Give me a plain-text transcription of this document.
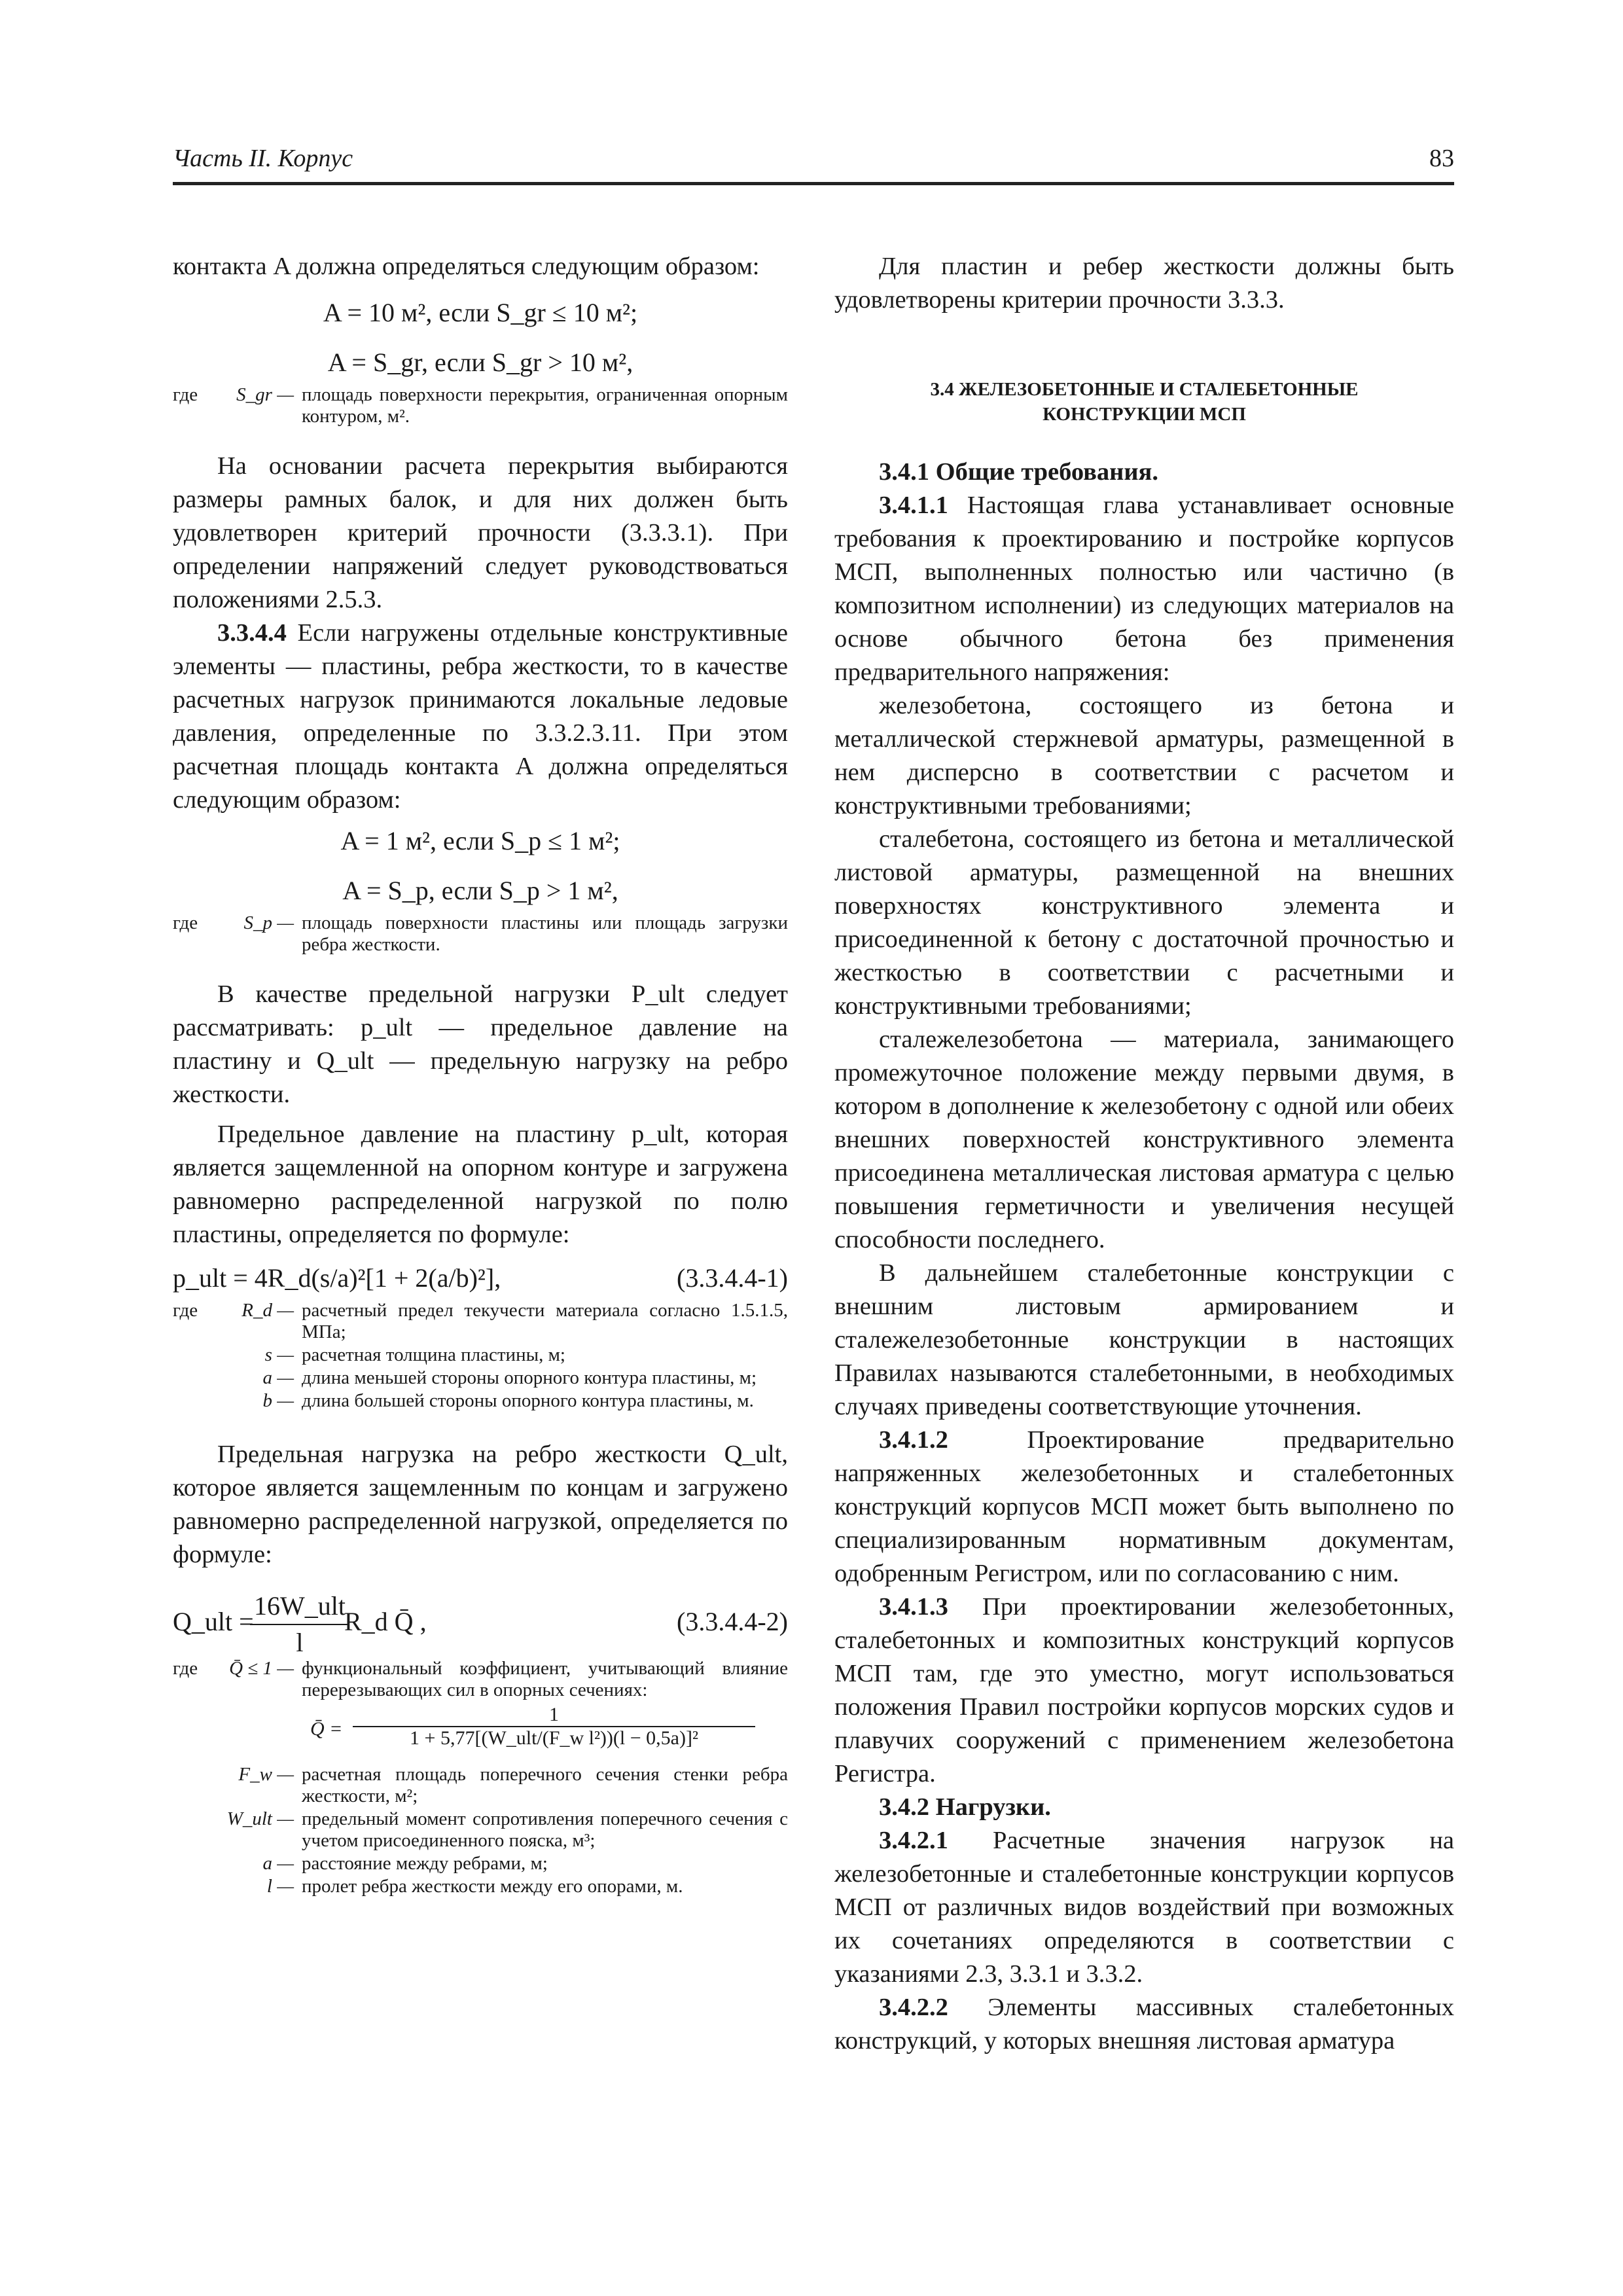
Часть II. Корпус	83

контакта A должна определяться следующим образом:

A = 10 м², если S_gr ≤ 10 м²;

A = S_gr, если S_gr > 10 м²,

где	S_gr — площадь поверхности перекрытия, ограниченная опорным контуром, м².

На основании расчета перекрытия выбираются размеры рамных балок, и для них должен быть удовлетворен критерий прочности (3.3.3.1). При определении напряжений следует руководствоваться положениями 2.5.3.

3.3.4.4 Если нагружены отдельные конструктивные элементы — пластины, ребра жесткости, то в качестве расчетных нагрузок принимаются локальные ледовые давления, определенные по 3.3.2.3.11. При этом расчетная площадь контакта A должна определяться следующим образом:

A = 1 м², если S_p ≤ 1 м²;

A = S_p, если S_p > 1 м²,

где	S_p — площадь поверхности пластины или площадь загрузки ребра жесткости.

В качестве предельной нагрузки P_ult следует рассматривать: p_ult — предельное давление на пластину и Q_ult — предельную нагрузку на ребро жесткости.

Предельное давление на пластину p_ult, которая является защемленной на опорном контуре и загружена равномерно распределенной нагрузкой по полю пластины, определяется по формуле:

p_ult = 4R_d(s/a)²[1 + 2(a/b)²],	(3.3.4.4-1)

где	R_d — расчетный предел текучести материала согласно 1.5.1.5, МПа;
s — расчетная толщина пластины, м;
a — длина меньшей стороны опорного контура пластины, м;
b — длина большей стороны опорного контура пластины, м.

Предельная нагрузка на ребро жесткости Q_ult, которое является защемленным по концам и загружено равномерно распределенной нагрузкой, определяется по формуле:

Q_ult =
16W_ult
l
R_d Q̄ ,	(3.3.4.4-2)
где	Q̄ ≤ 1 — функциональный коэффициент, учитывающий влияние перерезывающих сил в опорных сечениях:
Q̄ =
1
1 + 5,77[(W_ult/(F_w l²))(l − 0,5a)]²
F_w — расчетная площадь поперечного сечения стенки ребра жесткости, м²;
W_ult — предельный момент сопротивления поперечного сечения с учетом присоединенного пояска, м³;
a — расстояние между ребрами, м;
l — пролет ребра жесткости между его опорами, м.

Для пластин и ребер жесткости должны быть удовлетворены критерии прочности 3.3.3.

3.4 ЖЕЛЕЗОБЕТОННЫЕ И СТАЛЕБЕТОННЫЕ КОНСТРУКЦИИ МСП

3.4.1 Общие требования.

3.4.1.1 Настоящая глава устанавливает основные требования к проектированию и постройке корпусов МСП, выполненных полностью или частично (в композитном исполнении) из следующих материалов на основе обычного бетона без применения предварительного напряжения:

железобетона, состоящего из бетона и металлической стержневой арматуры, размещенной в нем дисперсно в соответствии с расчетом и конструктивными требованиями;

сталебетона, состоящего из бетона и металлической листовой арматуры, размещенной на внешних поверхностях конструктивного элемента и присоединенной к бетону с достаточной прочностью и жесткостью в соответствии с расчетными и конструктивными требованиями;

сталежелезобетона — материала, занимающего промежуточное положение между первыми двумя, в котором в дополнение к железобетону с одной или обеих внешних поверхностей конструктивного элемента присоединена металлическая листовая арматура с целью повышения герметичности и увеличения несущей способности последнего.

В дальнейшем сталебетонные конструкции с внешним листовым армированием и сталежелезобетонные конструкции в настоящих Правилах называются сталебетонными, в необходимых случаях приведены соответствующие уточнения.

3.4.1.2	Проектирование предварительно напряженных железобетонных и сталебетонных конструкций корпусов МСП может быть выполнено по специализированным нормативным документам, одобренным Регистром, или по согласованию с ним.

3.4.1.3 При проектировании железобетонных, сталебетонных и композитных конструкций корпусов МСП там, где это уместно, могут использоваться положения Правил постройки корпусов морских судов и плавучих сооружений с применением железобетона Регистра.

3.4.2 Нагрузки.

3.4.2.1 Расчетные значения нагрузок на железобетонные и сталебетонные конструкции корпусов МСП от различных видов воздействий при возможных их сочетаниях определяются в соответствии с указаниями 2.3, 3.3.1 и 3.3.2.

3.4.2.2 Элементы массивных сталебетонных конструкций, у которых внешняя листовая арматура
